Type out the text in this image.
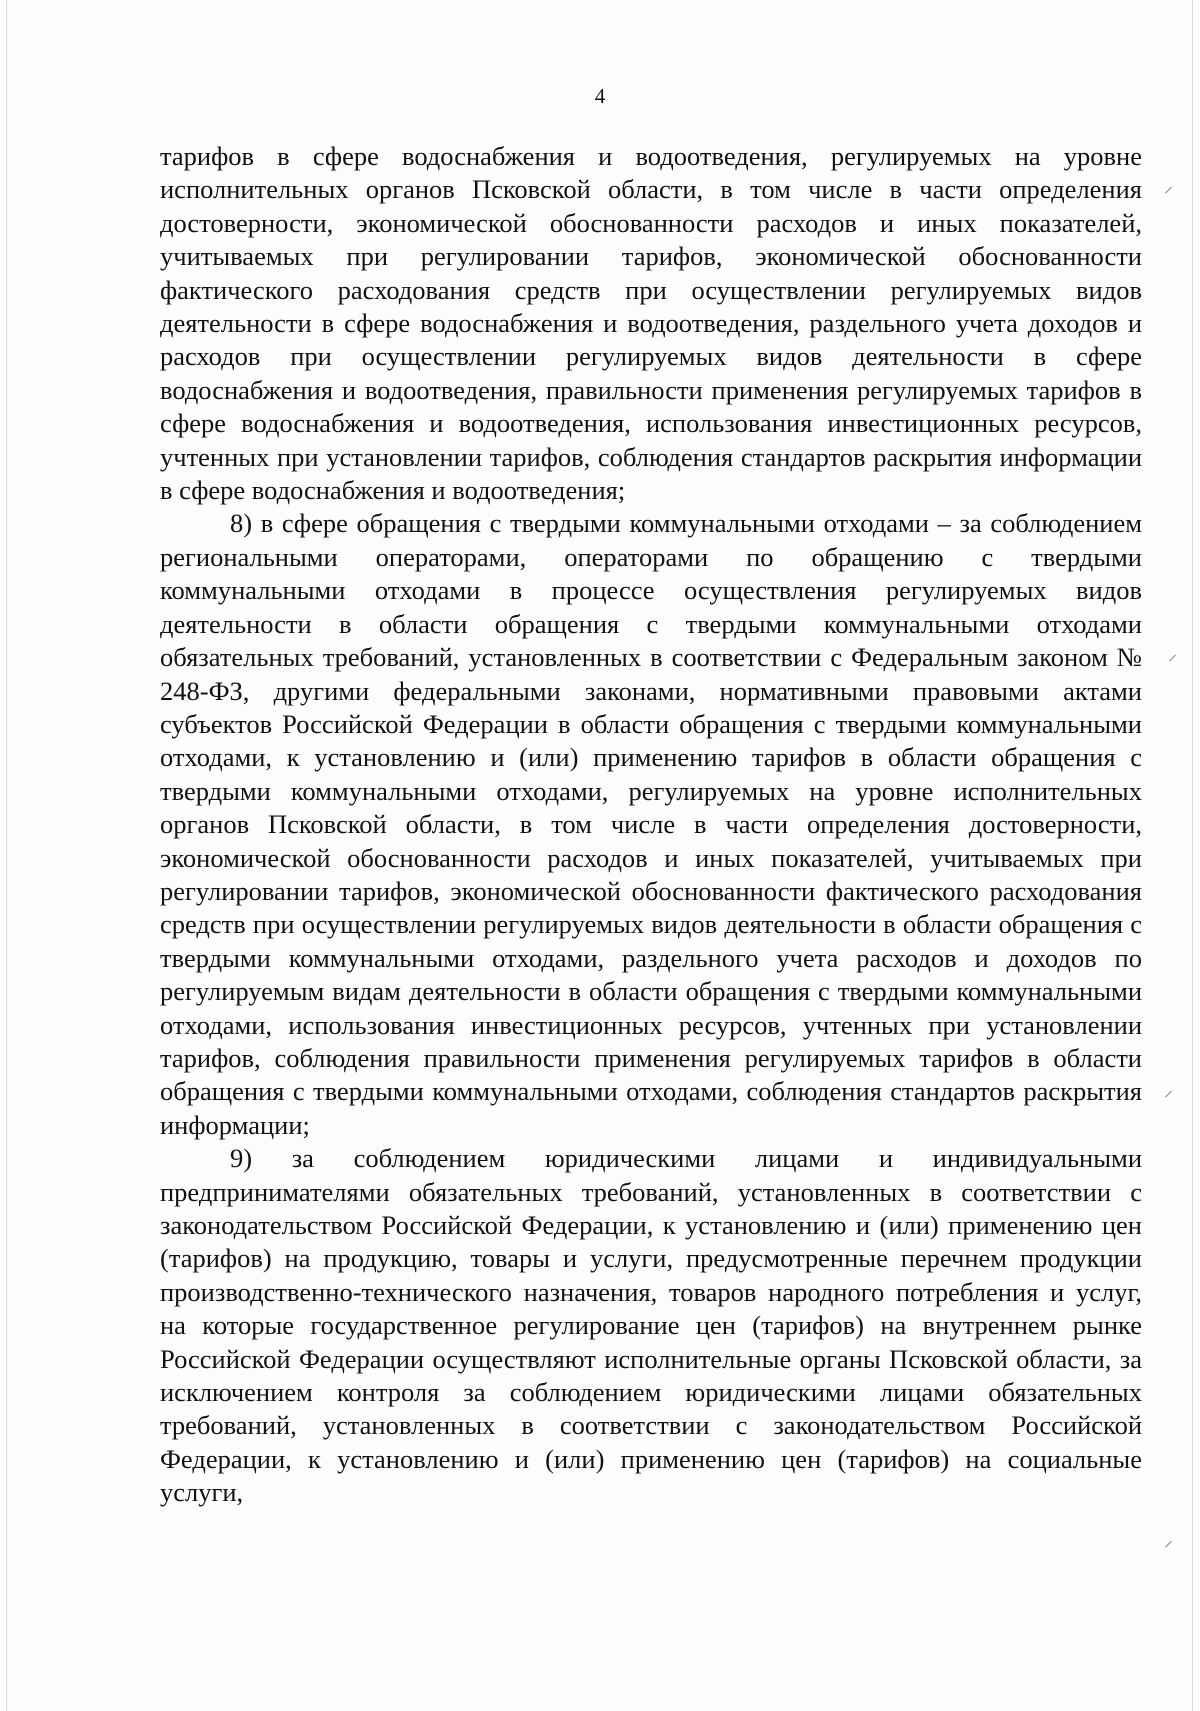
4

тарифов в сфере водоснабжения и водоотведения, регулируемых на уровне исполнительных органов Псковской области, в том числе в части определения достоверности, экономической обоснованности расходов и иных показателей, учитываемых при регулировании тарифов, экономической обоснованности фактического расходования средств при осуществлении регулируемых видов деятельности в сфере водоснабжения и водоотведения, раздельного учета доходов и расходов при осуществлении регулируемых видов деятельности в сфере водоснабжения и водоотведения, правильности применения регулируемых тарифов в сфере водоснабжения и водоотведения, использования инвестиционных ресурсов, учтенных при установлении тарифов, соблюдения стандартов раскрытия информации в сфере водоснабжения и водоотведения;

8) в сфере обращения с твердыми коммунальными отходами – за соблюдением региональными операторами, операторами по обращению с твердыми коммунальными отходами в процессе осуществления регулируемых видов деятельности в области обращения с твердыми коммунальными отходами обязательных требований, установленных в соответствии с Федеральным законом № 248-ФЗ, другими федеральными законами, нормативными правовыми актами субъектов Российской Федерации в области обращения с твердыми коммунальными отходами, к установлению и (или) применению тарифов в области обращения с твердыми коммунальными отходами, регулируемых на уровне исполнительных органов Псковской области, в том числе в части определения достоверности, экономической обоснованности расходов и иных показателей, учитываемых при регулировании тарифов, экономической обоснованности фактического расходования средств при осуществлении регулируемых видов деятельности в области обращения с твердыми коммунальными отходами, раздельного учета расходов и доходов по регулируемым видам деятельности в области обращения с твердыми коммунальными отходами, использования инвестиционных ресурсов, учтенных при установлении тарифов, соблюдения правильности применения регулируемых тарифов в области обращения с твердыми коммунальными отходами, соблюдения стандартов раскрытия информации;

9) за соблюдением юридическими лицами и индивидуальными предпринимателями обязательных требований, установленных в соответствии с законодательством Российской Федерации, к установлению и (или) применению цен (тарифов) на продукцию, товары и услуги, предусмотренные перечнем продукции производственно-технического назначения, товаров народного потребления и услуг, на которые государственное регулирование цен (тарифов) на внутреннем рынке Российской Федерации осуществляют исполнительные органы Псковской области, за исключением контроля за соблюдением юридическими лицами обязательных требований, установленных в соответствии с законодательством Российской Федерации, к установлению и (или) применению цен (тарифов) на социальные услуги,

⸝
⸝
⸝
⸝
